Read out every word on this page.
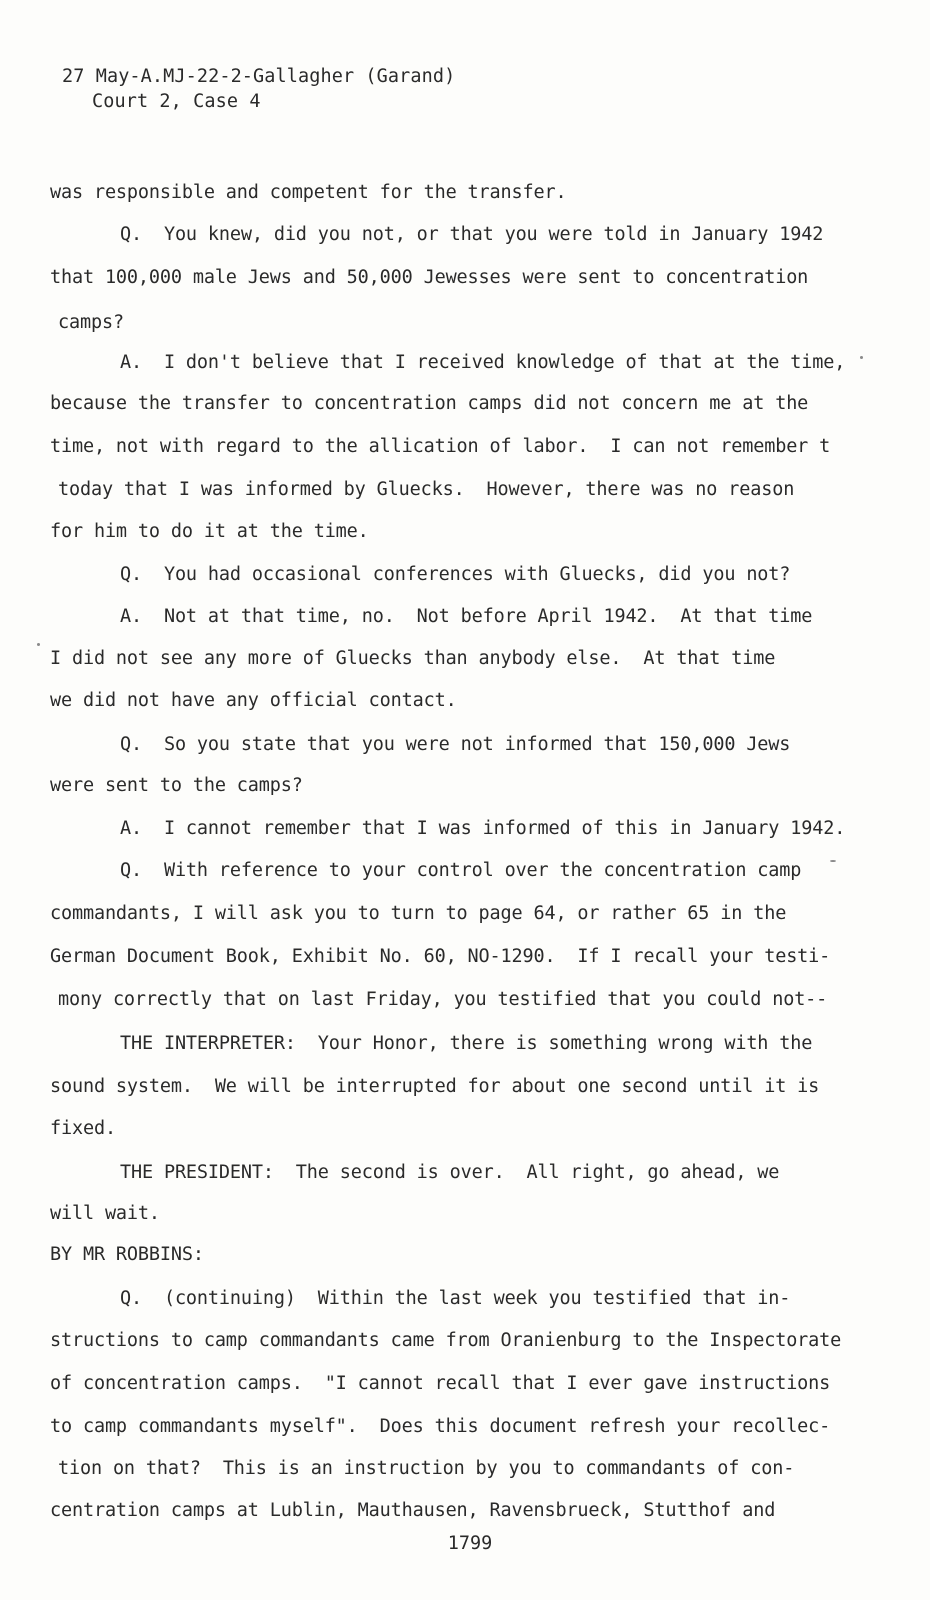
27 May-A.MJ-22-2-Gallagher (Garand)
Court 2, Case 4
was responsible and competent for the transfer.
Q.  You knew, did you not, or that you were told in January 1942
that 100,000 male Jews and 50,000 Jewesses were sent to concentration
camps?
A.  I don't believe that I received knowledge of that at the time,
because the transfer to concentration camps did not concern me at the
time, not with regard to the allication of labor.  I can not remember t
today that I was informed by Gluecks.  However, there was no reason
for him to do it at the time.
Q.  You had occasional conferences with Gluecks, did you not?
A.  Not at that time, no.  Not before April 1942.  At that time
I did not see any more of Gluecks than anybody else.  At that time
we did not have any official contact.
Q.  So you state that you were not informed that 150,000 Jews
were sent to the camps?
A.  I cannot remember that I was informed of this in January 1942.
Q.  With reference to your control over the concentration camp
commandants, I will ask you to turn to page 64, or rather 65 in the
German Document Book, Exhibit No. 60, NO-1290.  If I recall your testi-
mony correctly that on last Friday, you testified that you could not--
THE INTERPRETER:  Your Honor, there is something wrong with the
sound system.  We will be interrupted for about one second until it is
fixed.
THE PRESIDENT:  The second is over.  All right, go ahead, we
will wait.
BY MR ROBBINS:
Q.  (continuing)  Within the last week you testified that in-
structions to camp commandants came from Oranienburg to the Inspectorate
of concentration camps.  "I cannot recall that I ever gave instructions
to camp commandants myself".  Does this document refresh your recollec-
tion on that?  This is an instruction by you to commandants of con-
centration camps at Lublin, Mauthausen, Ravensbrueck, Stutthof and
1799
